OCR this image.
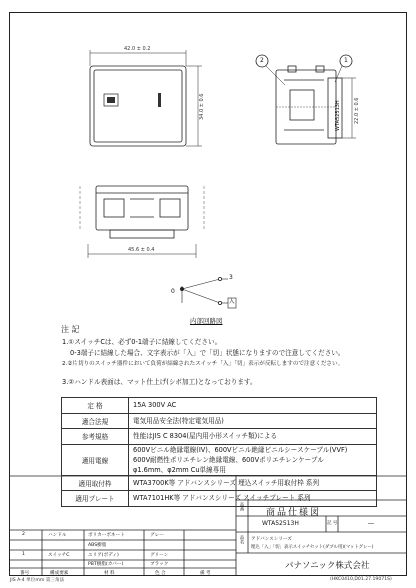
42.0 ± 0.2
34.0 ± 0.6	22.0 ± 0.6
45.6 ± 0.4
2	1
WTA52513H
0
3
入
内部回路図
注 記
1.①スイッチCは、必ず0-1端子に結線してください。
0-3端子に結線した場合、文字表示が「入」で「切」状態になりますので注意してください。
2.②片切りのスイッチ器件において負荷が結線されたスイッチ「入」「切」表示が反転しますので注意ください。
3.②ハンドル表面は、マット仕上げ(シボ加工)となっております。
定 格	15A 300V AC

適合法規	電気用品安全法(特定電気用品)

参考規格	性能はJIS C 8304(屋内用小形スイッチ類)による

適用電線	600Vビニル絶縁電線(IV)、600Vビニル絶縁ビニルシースケーブル(VVF)
600V耐燃性ポリエチレン絶縁電線、600Vポリエチレンケーブル
φ1.6mm、φ2mm Cu単線専用

適用取付枠	WTA3700K等 アドバンスシリーズ 埋込スイッチ用取付枠 系列

適用プレート	WTA7101HK等 アドバンスシリーズ スイッチプレート 系列
商品仕様図
品番
WTA52513H	記 号	―
品名 アドバンスシリーズ
埋込「入」「切」表示スイッチセット(ダブル用)(マットグレー)
パナソニック株式会社
2	ハンドル	ポリカーボネート	グレー
ABS樹脂
1	スイッチC	ユリア(ボディ)	グリーン
PBT樹脂(カバー)	ブラック
番号	構成要素	材 料	色 合	備 考
JIS A-4 単位mm 第三角法	(HKC0410,D01.27.19071S)
